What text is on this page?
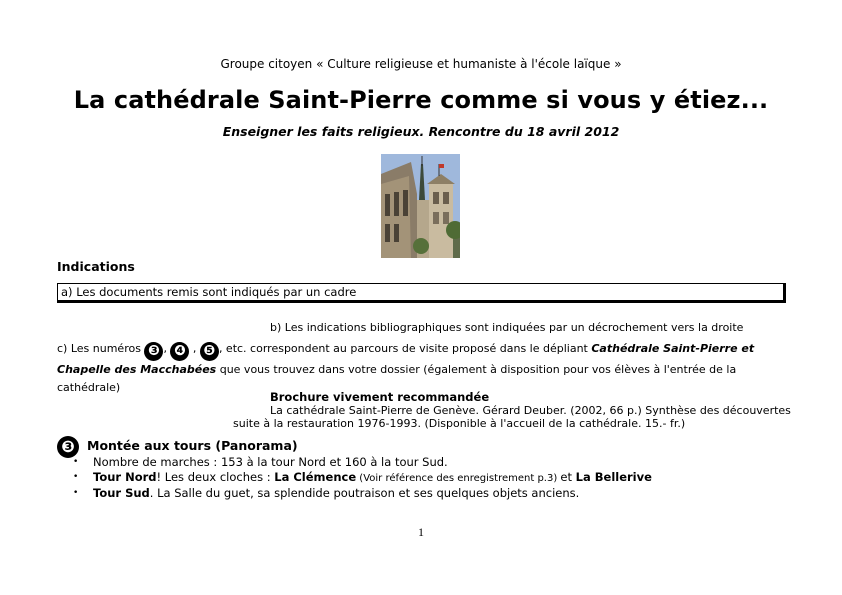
Groupe citoyen « Culture religieuse et humaniste à l'école laïque »
La cathédrale Saint-Pierre comme si vous y étiez...
Enseigner les faits religieux. Rencontre du 18 avril 2012
Indications
a) Les documents remis sont indiqués par un cadre
b) Les indications bibliographiques sont indiquées par un décrochement vers la droite
c) Les numéros ❸ , ❹ , ❺ , etc. correspondent au parcours de visite proposé dans le dépliant Cathédrale Saint-Pierre et Chapelle des Macchabées que vous trouvez dans votre dossier (également à disposition pour vos élèves à l'entrée de la cathédrale)
Brochure vivement recommandée
La cathédrale Saint-Pierre de Genève. Gérard Deuber. (2002, 66 p.) Synthèse des découvertes
suite à la restauration 1976-1993. (Disponible à l'accueil de la cathédrale. 15.- fr.)
❸ Montée aux tours (Panorama)
• Nombre de marches : 153 à la tour Nord et 160 à la tour Sud.
• Tour Nord! Les deux cloches : La Clémence (Voir référence des enregistrement p.3) et La Bellerive
• Tour Sud. La Salle du guet, sa splendide poutraison et ses quelques objets anciens.
1
